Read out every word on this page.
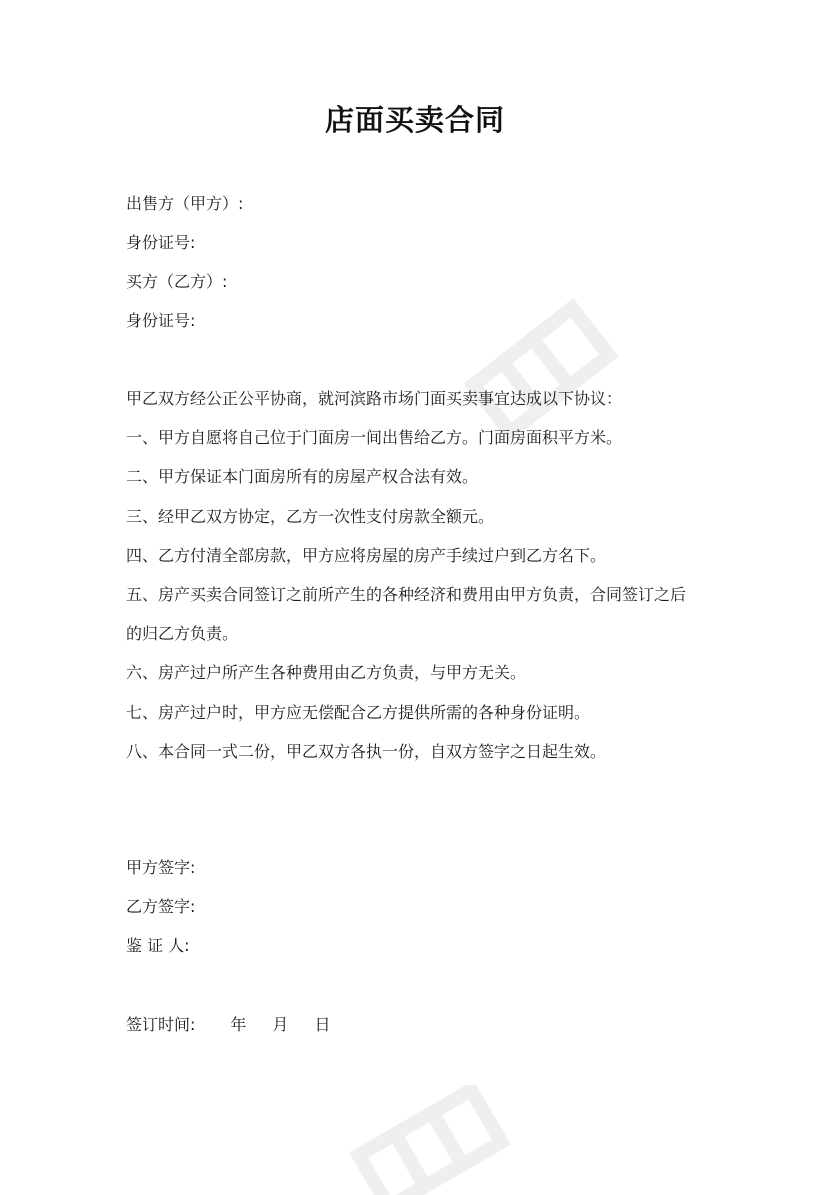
店面买卖合同
出售方（甲方）:
身份证号:
买方（乙方）:
身份证号:
甲乙双方经公正公平协商，就河滨路市场门面买卖事宜达成以下协议：
一、甲方自愿将自己位于门面房一间出售给乙方。门面房面积平方米。
二、甲方保证本门面房所有的房屋产权合法有效。
三、经甲乙双方协定，乙方一次性支付房款全额元。
四、乙方付清全部房款，甲方应将房屋的房产手续过户到乙方名下。
五、房产买卖合同签订之前所产生的各种经济和费用由甲方负责，合同签订之后
的归乙方负责。
六、房产过户所产生各种费用由乙方负责，与甲方无关。
七、房产过户时，甲方应无偿配合乙方提供所需的各种身份证明。
八、本合同一式二份，甲乙双方各执一份，自双方签字之日起生效。
甲方签字:
乙方签字:
鉴 证 人:
签订时间: 年 月 日
